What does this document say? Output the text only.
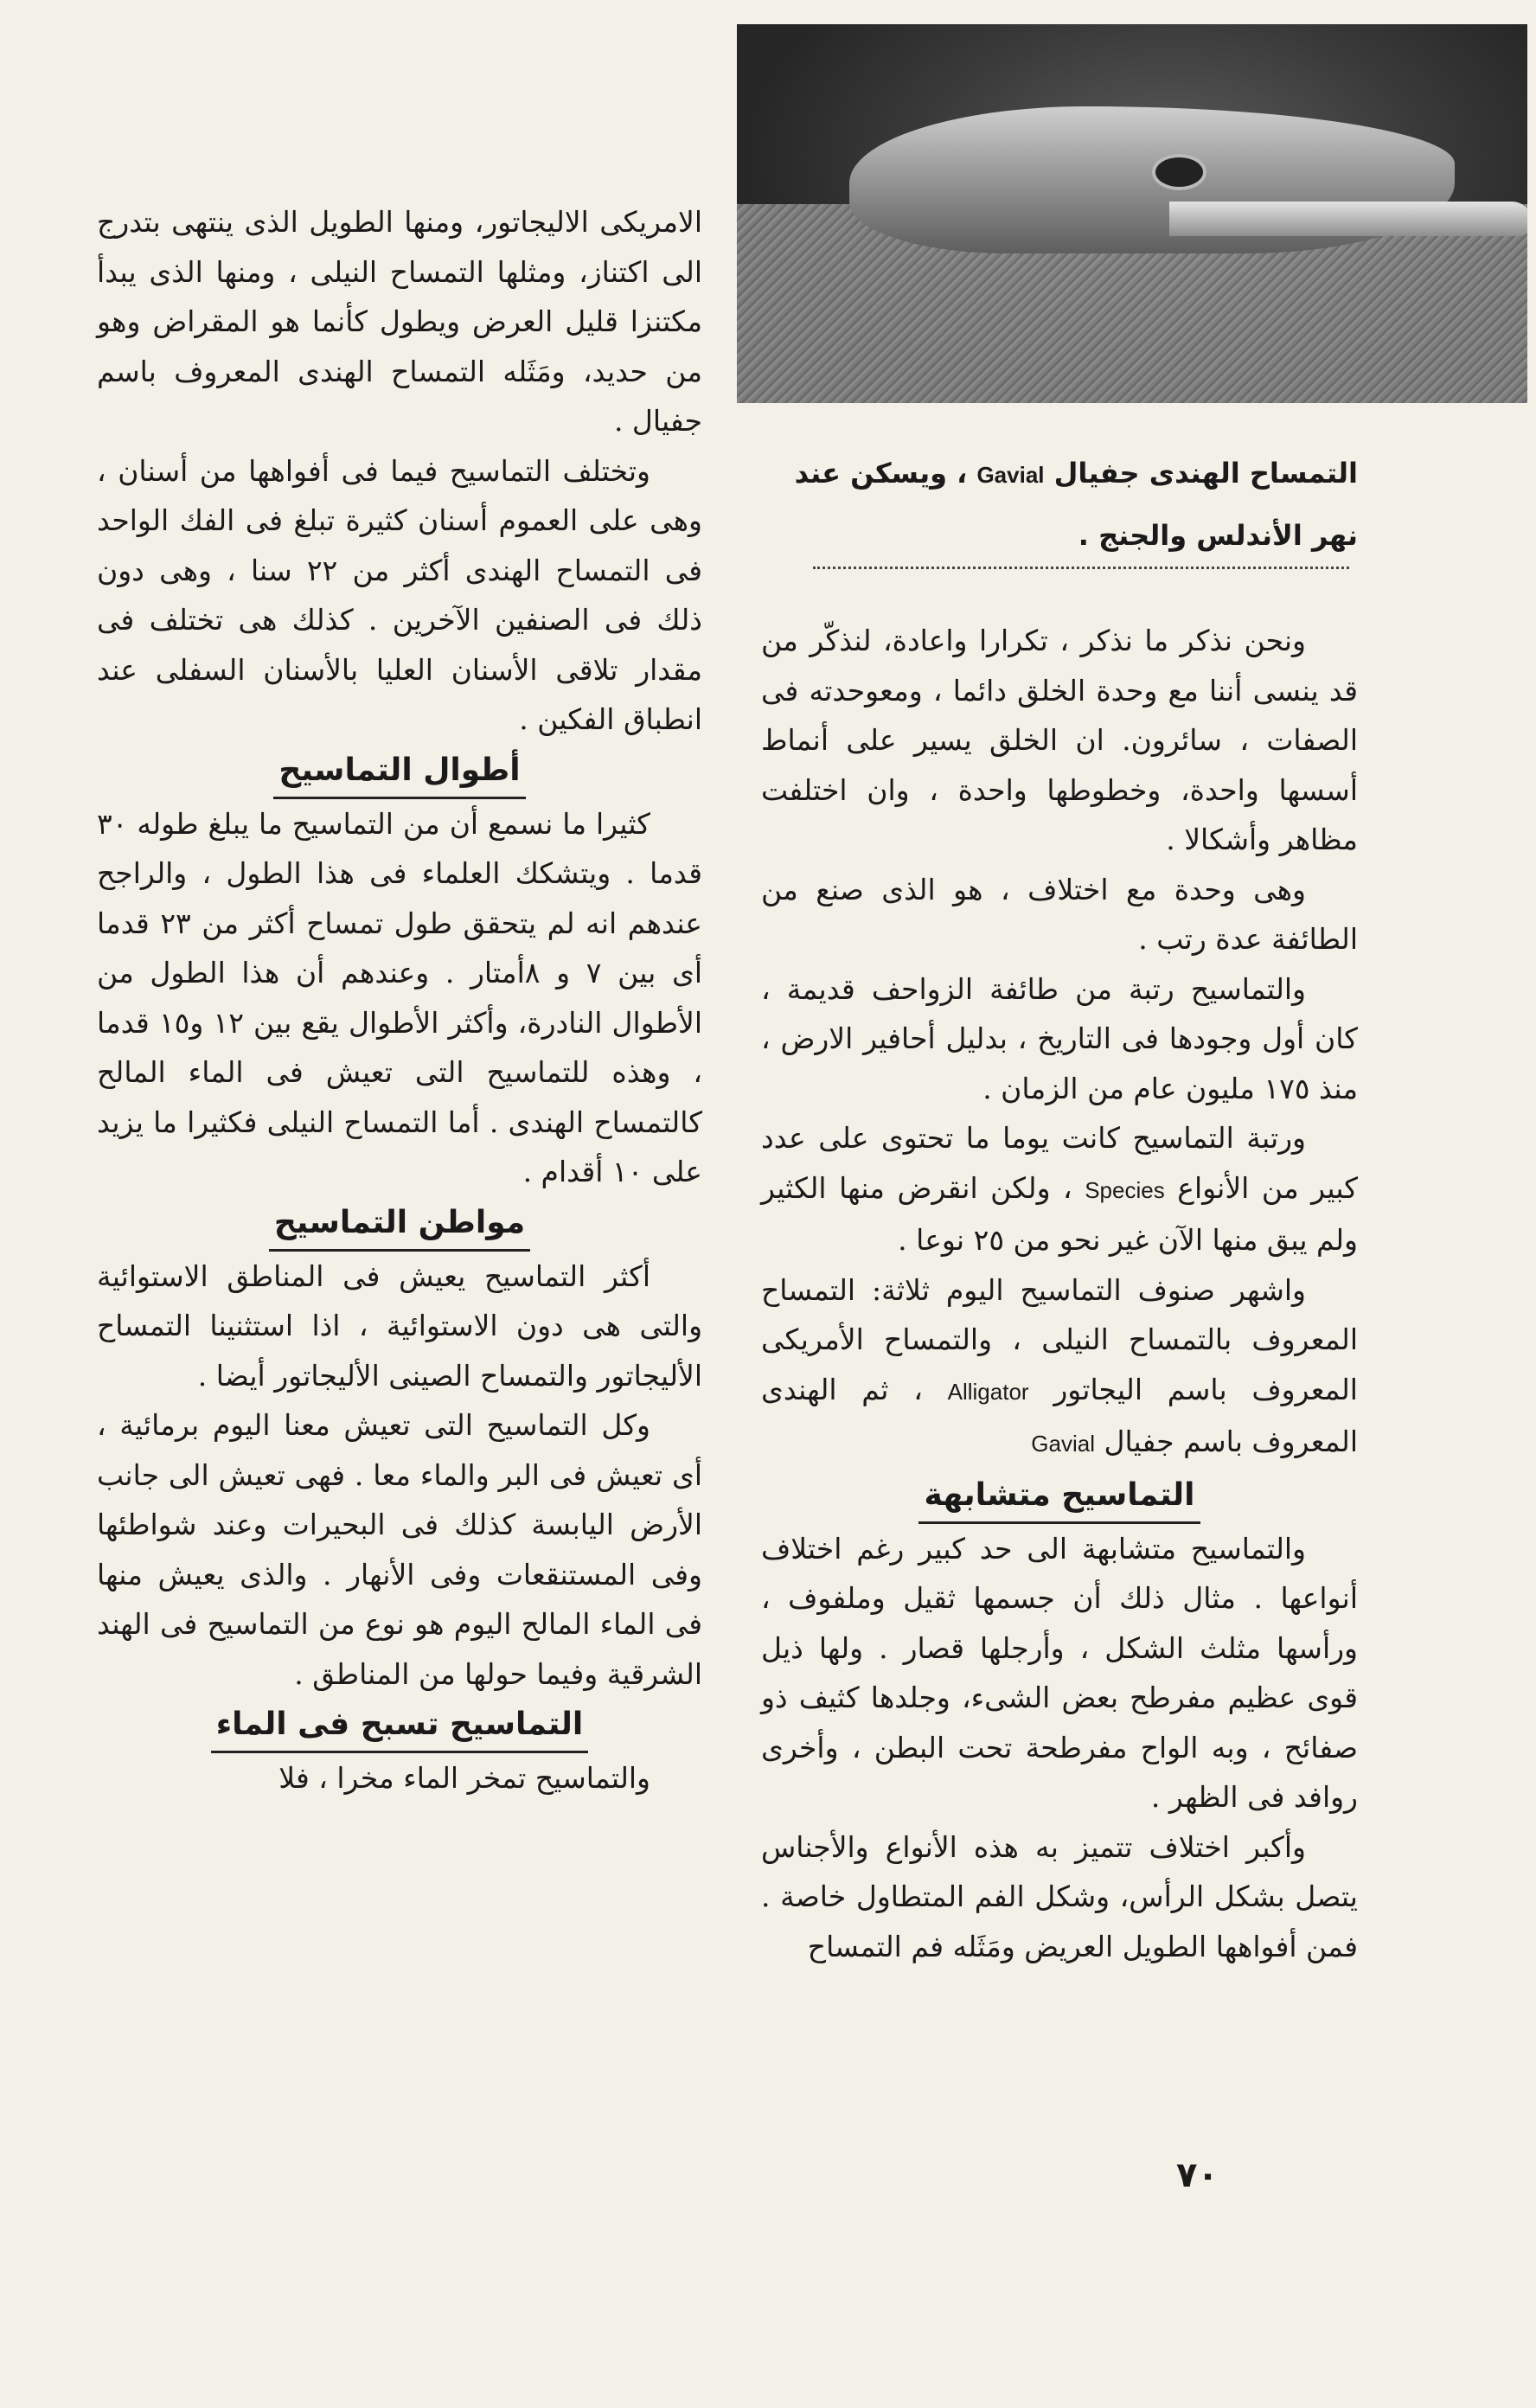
التمساح الهندى جفيال Gavial ، ويسكن عند
نهر الأندلس والجنج .

ونحن نذكر ما نذكر ، تكرارا واعادة، لنذكّر من قد ينسى أننا مع وحدة الخلق دائما ، ومعوحدته فى الصفات ، سائرون. ان الخلق يسير على أنماط أسسها واحدة، وخطوطها واحدة ، وان اختلفت مظاهر وأشكالا .

وهى وحدة مع اختلاف ، هو الذى صنع من الطائفة عدة رتب .

والتماسيح رتبة من طائفة الزواحف قديمة ، كان أول وجودها فى التاريخ ، بدليل أحافير الارض ، منذ ١٧٥ مليون عام من الزمان .

ورتبة التماسيح كانت يوما ما تحتوى على عدد كبير من الأنواع Species ، ولكن انقرض منها الكثير ولم يبق منها الآن غير نحو من ٢٥ نوعا .

واشهر صنوف التماسيح اليوم ثلاثة: التمساح المعروف بالتمساح النيلى ، والتمساح الأمريكى المعروف باسم اليجاتور Alligator ، ثم الهندى المعروف باسم جفيال Gavial

التماسيح متشابهة

والتماسيح متشابهة الى حد كبير رغم اختلاف أنواعها . مثال ذلك أن جسمها ثقيل وملفوف ، ورأسها مثلث الشكل ، وأرجلها قصار . ولها ذيل قوى عظيم مفرطح بعض الشىء، وجلدها كثيف ذو صفائح ، وبه الواح مفرطحة تحت البطن ، وأخرى روافد فى الظهر .

وأكبر اختلاف تتميز به هذه الأنواع والأجناس يتصل بشكل الرأس، وشكل الفم المتطاول خاصة . فمن أفواهها الطويل العريض ومَثَله فم التمساح

الامريكى الاليجاتور، ومنها الطويل الذى ينتهى بتدرج الى اكتناز، ومثلها التمساح النيلى ، ومنها الذى يبدأ مكتنزا قليل العرض ويطول كأنما هو المقراض وهو من حديد، ومَثَله التمساح الهندى المعروف باسم جفيال .

وتختلف التماسيح فيما فى أفواهها من أسنان ، وهى على العموم أسنان كثيرة تبلغ فى الفك الواحد فى التمساح الهندى أكثر من ٢٢ سنا ، وهى دون ذلك فى الصنفين الآخرين . كذلك هى تختلف فى مقدار تلاقى الأسنان العليا بالأسنان السفلى عند انطباق الفكين .

أطوال التماسيح

كثيرا ما نسمع أن من التماسيح ما يبلغ طوله ٣٠ قدما . ويتشكك العلماء فى هذا الطول ، والراجح عندهم انه لم يتحقق طول تمساح أكثر من ٢٣ قدما أى بين ٧ و ٨أمتار . وعندهم أن هذا الطول من الأطوال النادرة، وأكثر الأطوال يقع بين ١٢ و١٥ قدما ، وهذه للتماسيح التى تعيش فى الماء المالح كالتمساح الهندى . أما التمساح النيلى فكثيرا ما يزيد على ١٠ أقدام .

مواطن التماسيح

أكثر التماسيح يعيش فى المناطق الاستوائية والتى هى دون الاستوائية ، اذا استثنينا التمساح الأليجاتور والتمساح الصينى الأليجاتور أيضا .

وكل التماسيح التى تعيش معنا اليوم برمائية ، أى تعيش فى البر والماء معا . فهى تعيش الى جانب الأرض اليابسة كذلك فى البحيرات وعند شواطئها وفى المستنقعات وفى الأنهار . والذى يعيش منها فى الماء المالح اليوم هو نوع من التماسيح فى الهند الشرقية وفيما حولها من المناطق .

التماسيح تسبح فى الماء

والتماسيح تمخر الماء مخرا ، فلا

٧٠
